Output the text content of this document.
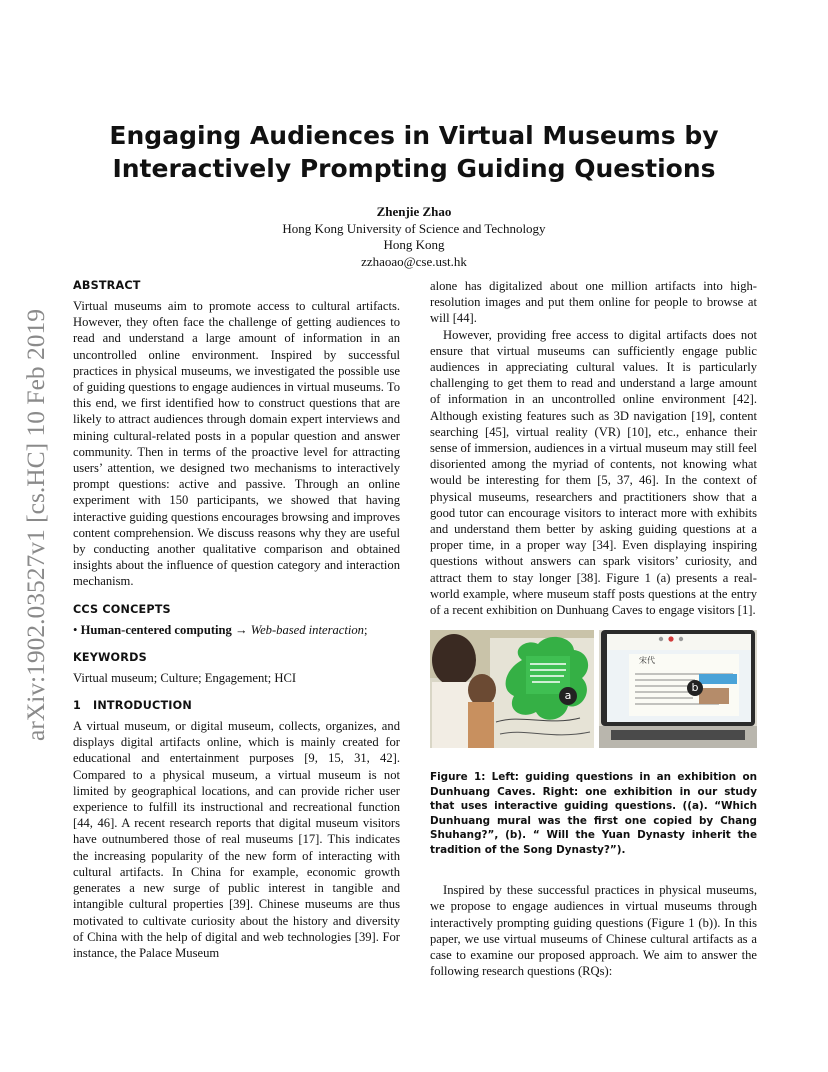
arXiv:1902.03527v1 [cs.HC] 10 Feb 2019
Engaging Audiences in Virtual Museums by
Interactively Prompting Guiding Questions
Zhenjie Zhao
Hong Kong University of Science and Technology
Hong Kong
zzhaoao@cse.ust.hk
ABSTRACT

Virtual museums aim to promote access to cultural artifacts. However, they often face the challenge of getting audiences to read and understand a large amount of information in an uncontrolled online environment. Inspired by successful practices in physical museums, we investigated the possible use of guiding questions to engage audiences in virtual museums. To this end, we first identified how to construct questions that are likely to attract audiences through domain expert interviews and mining cultural-related posts in a popular question and answer community. Then in terms of the proactive level for attracting users’ attention, we designed two mechanisms to interactively prompt questions: active and passive. Through an online experiment with 150 participants, we showed that having interactive guiding questions encourages browsing and improves content comprehension. We discuss reasons why they are useful by conducting another qualitative comparison and obtained insights about the influence of question category and interaction mechanism.

CCS CONCEPTS

• Human-centered computing → Web-based interaction;

KEYWORDS

Virtual museum; Culture; Engagement; HCI

1 INTRODUCTION

A virtual museum, or digital museum, collects, organizes, and displays digital artifacts online, which is mainly created for educational and entertainment purposes [9, 15, 31, 42]. Compared to a physical museum, a virtual museum is not limited by geographical locations, and can provide richer user experience to fulfill its instructional and recreational function [44, 46]. A recent research reports that digital museum visitors have outnumbered those of real museums [17]. This indicates the increasing popularity of the new form of interacting with cultural artifacts. In China for example, economic growth generates a new surge of public interest in tangible and intangible cultural properties [39]. Chinese museums are thus motivated to cultivate curiosity about the history and diversity of China with the help of digital and web technologies [39]. For instance, the Palace Museum

alone has digitalized about one million artifacts into high-resolution images and put them online for people to browse at will [44].

However, providing free access to digital artifacts does not ensure that virtual museums can sufficiently engage public audiences in appreciating cultural values. It is particularly challenging to get them to read and understand a large amount of information in an uncontrolled online environment [42]. Although existing features such as 3D navigation [19], content searching [45], virtual reality (VR) [10], etc., enhance their sense of immersion, audiences in a virtual museum may still feel disoriented among the myriad of contents, not knowing what would be interesting for them [5, 37, 46]. In the context of physical museums, researchers and practitioners show that a good tutor can encourage visitors to interact more with exhibits and understand them better by asking guiding questions at a proper time, in a proper way [34]. Even displaying inspiring questions without answers can spark visitors’ curiosity, and attract them to stay longer [38]. Figure 1 (a) presents a real-world example, where museum staff posts questions at the entry of a recent exhibition on Dunhuang Caves to engage visitors [1].

a
宋代
b

Figure 1: Left: guiding questions in an exhibition on Dunhuang Caves. Right: one exhibition in our study that uses interactive guiding questions. ((a). “Which Dunhuang mural was the first one copied by Chang Shuhang?”, (b). “ Will the Yuan Dynasty inherit the tradition of the Song Dynasty?”).

Inspired by these successful practices in physical museums, we propose to engage audiences in virtual museums through interactively prompting guiding questions (Figure 1 (b)). In this paper, we use virtual museums of Chinese cultural artifacts as a case to examine our proposed approach. We aim to answer the following research questions (RQs):
